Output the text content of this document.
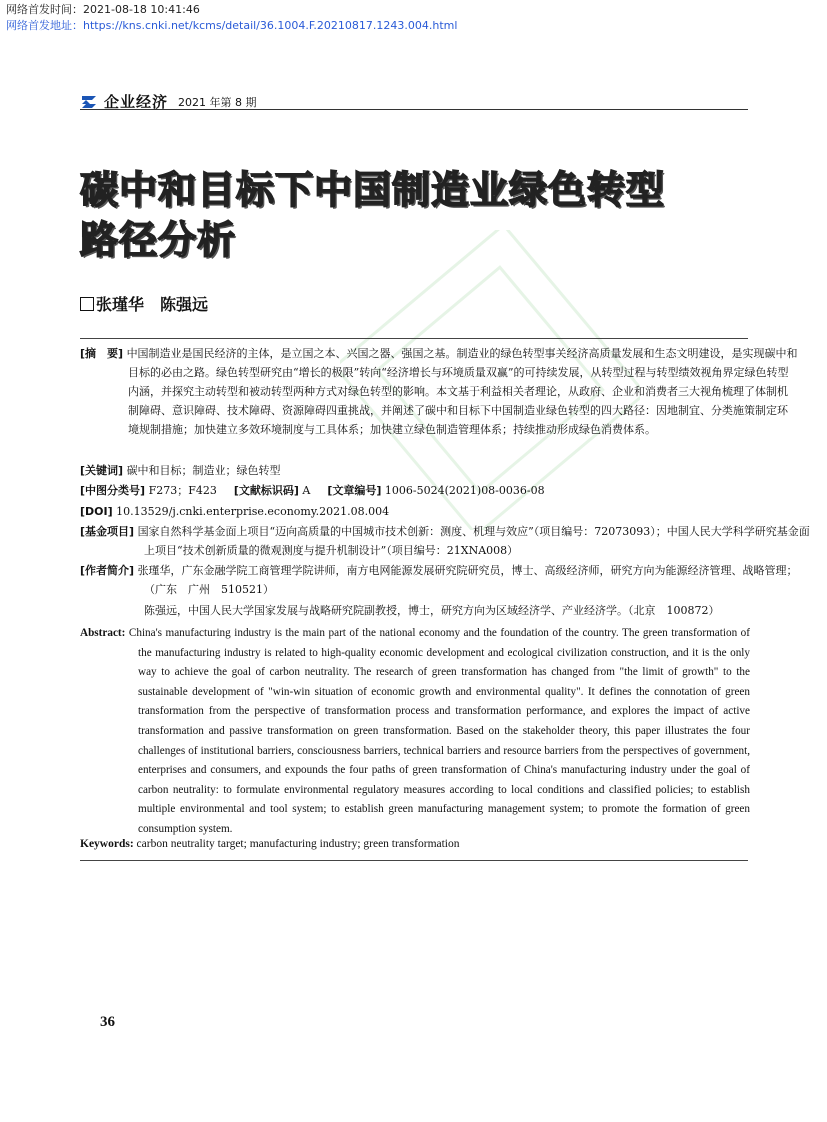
网络首发时间：2021-08-18 10:41:46
网络首发地址：https://kns.cnki.net/kcms/detail/36.1004.F.20210817.1243.004.html
企业经济 2021 年第 8 期
碳中和目标下中国制造业绿色转型
路径分析
张瑾华　陈强远
[摘　要] 中国制造业是国民经济的主体，是立国之本、兴国之器、强国之基。制造业的绿色转型事关经济高质量发展和生态文明建设，是实现碳中和目标的必由之路。绿色转型研究由“增长的极限”转向“经济增长与环境质量双赢”的可持续发展，从转型过程与转型绩效视角界定绿色转型内涵，并探究主动转型和被动转型两种方式对绿色转型的影响。本文基于利益相关者理论，从政府、企业和消费者三大视角梳理了体制机制障碍、意识障碍、技术障碍、资源障碍四重挑战，并阐述了碳中和目标下中国制造业绿色转型的四大路径：因地制宜、分类施策制定环境规制措施；加快建立多效环境制度与工具体系；加快建立绿色制造管理体系；持续推动形成绿色消费体系。
[关键词] 碳中和目标；制造业；绿色转型
[中图分类号] F273；F423 [文献标识码] A [文章编号] 1006-5024(2021)08-0036-08
[DOI] 10.13529/j.cnki.enterprise.economy.2021.08.004
[基金项目] 国家自然科学基金面上项目“迈向高质量的中国城市技术创新：测度、机理与效应”（项目编号：72073093）；中国人民大学科学研究基金面上项目“技术创新质量的微观测度与提升机制设计”（项目编号：21XNA008）
[作者简介] 张瑾华，广东金融学院工商管理学院讲师，南方电网能源发展研究院研究员，博士、高级经济师，研究方向为能源经济管理、战略管理；（广东　广州　510521）
陈强远，中国人民大学国家发展与战略研究院副教授，博士，研究方向为区域经济学、产业经济学。（北京　100872）
Abstract: China's manufacturing industry is the main part of the national economy and the foundation of the country. The green transformation of the manufacturing industry is related to high-quality economic development and ecological civilization construction, and it is the only way to achieve the goal of carbon neutrality. The research of green transformation has changed from "the limit of growth" to the sustainable development of "win-win situation of economic growth and environmental quality". It defines the connotation of green transformation from the perspective of transformation process and transformation performance, and explores the impact of active transformation and passive transformation on green transformation. Based on the stakeholder theory, this paper illustrates the four challenges of institutional barriers, consciousness barriers, technical barriers and resource barriers from the perspectives of government, enterprises and consumers, and expounds the four paths of green transformation of China's manufacturing industry under the goal of carbon neutrality: to formulate environmental regulatory measures according to local conditions and classified policies; to establish multiple environmental and tool system; to establish green manufacturing management system; to promote the formation of green consumption system.
Keywords: carbon neutrality target; manufacturing industry; green transformation
36
